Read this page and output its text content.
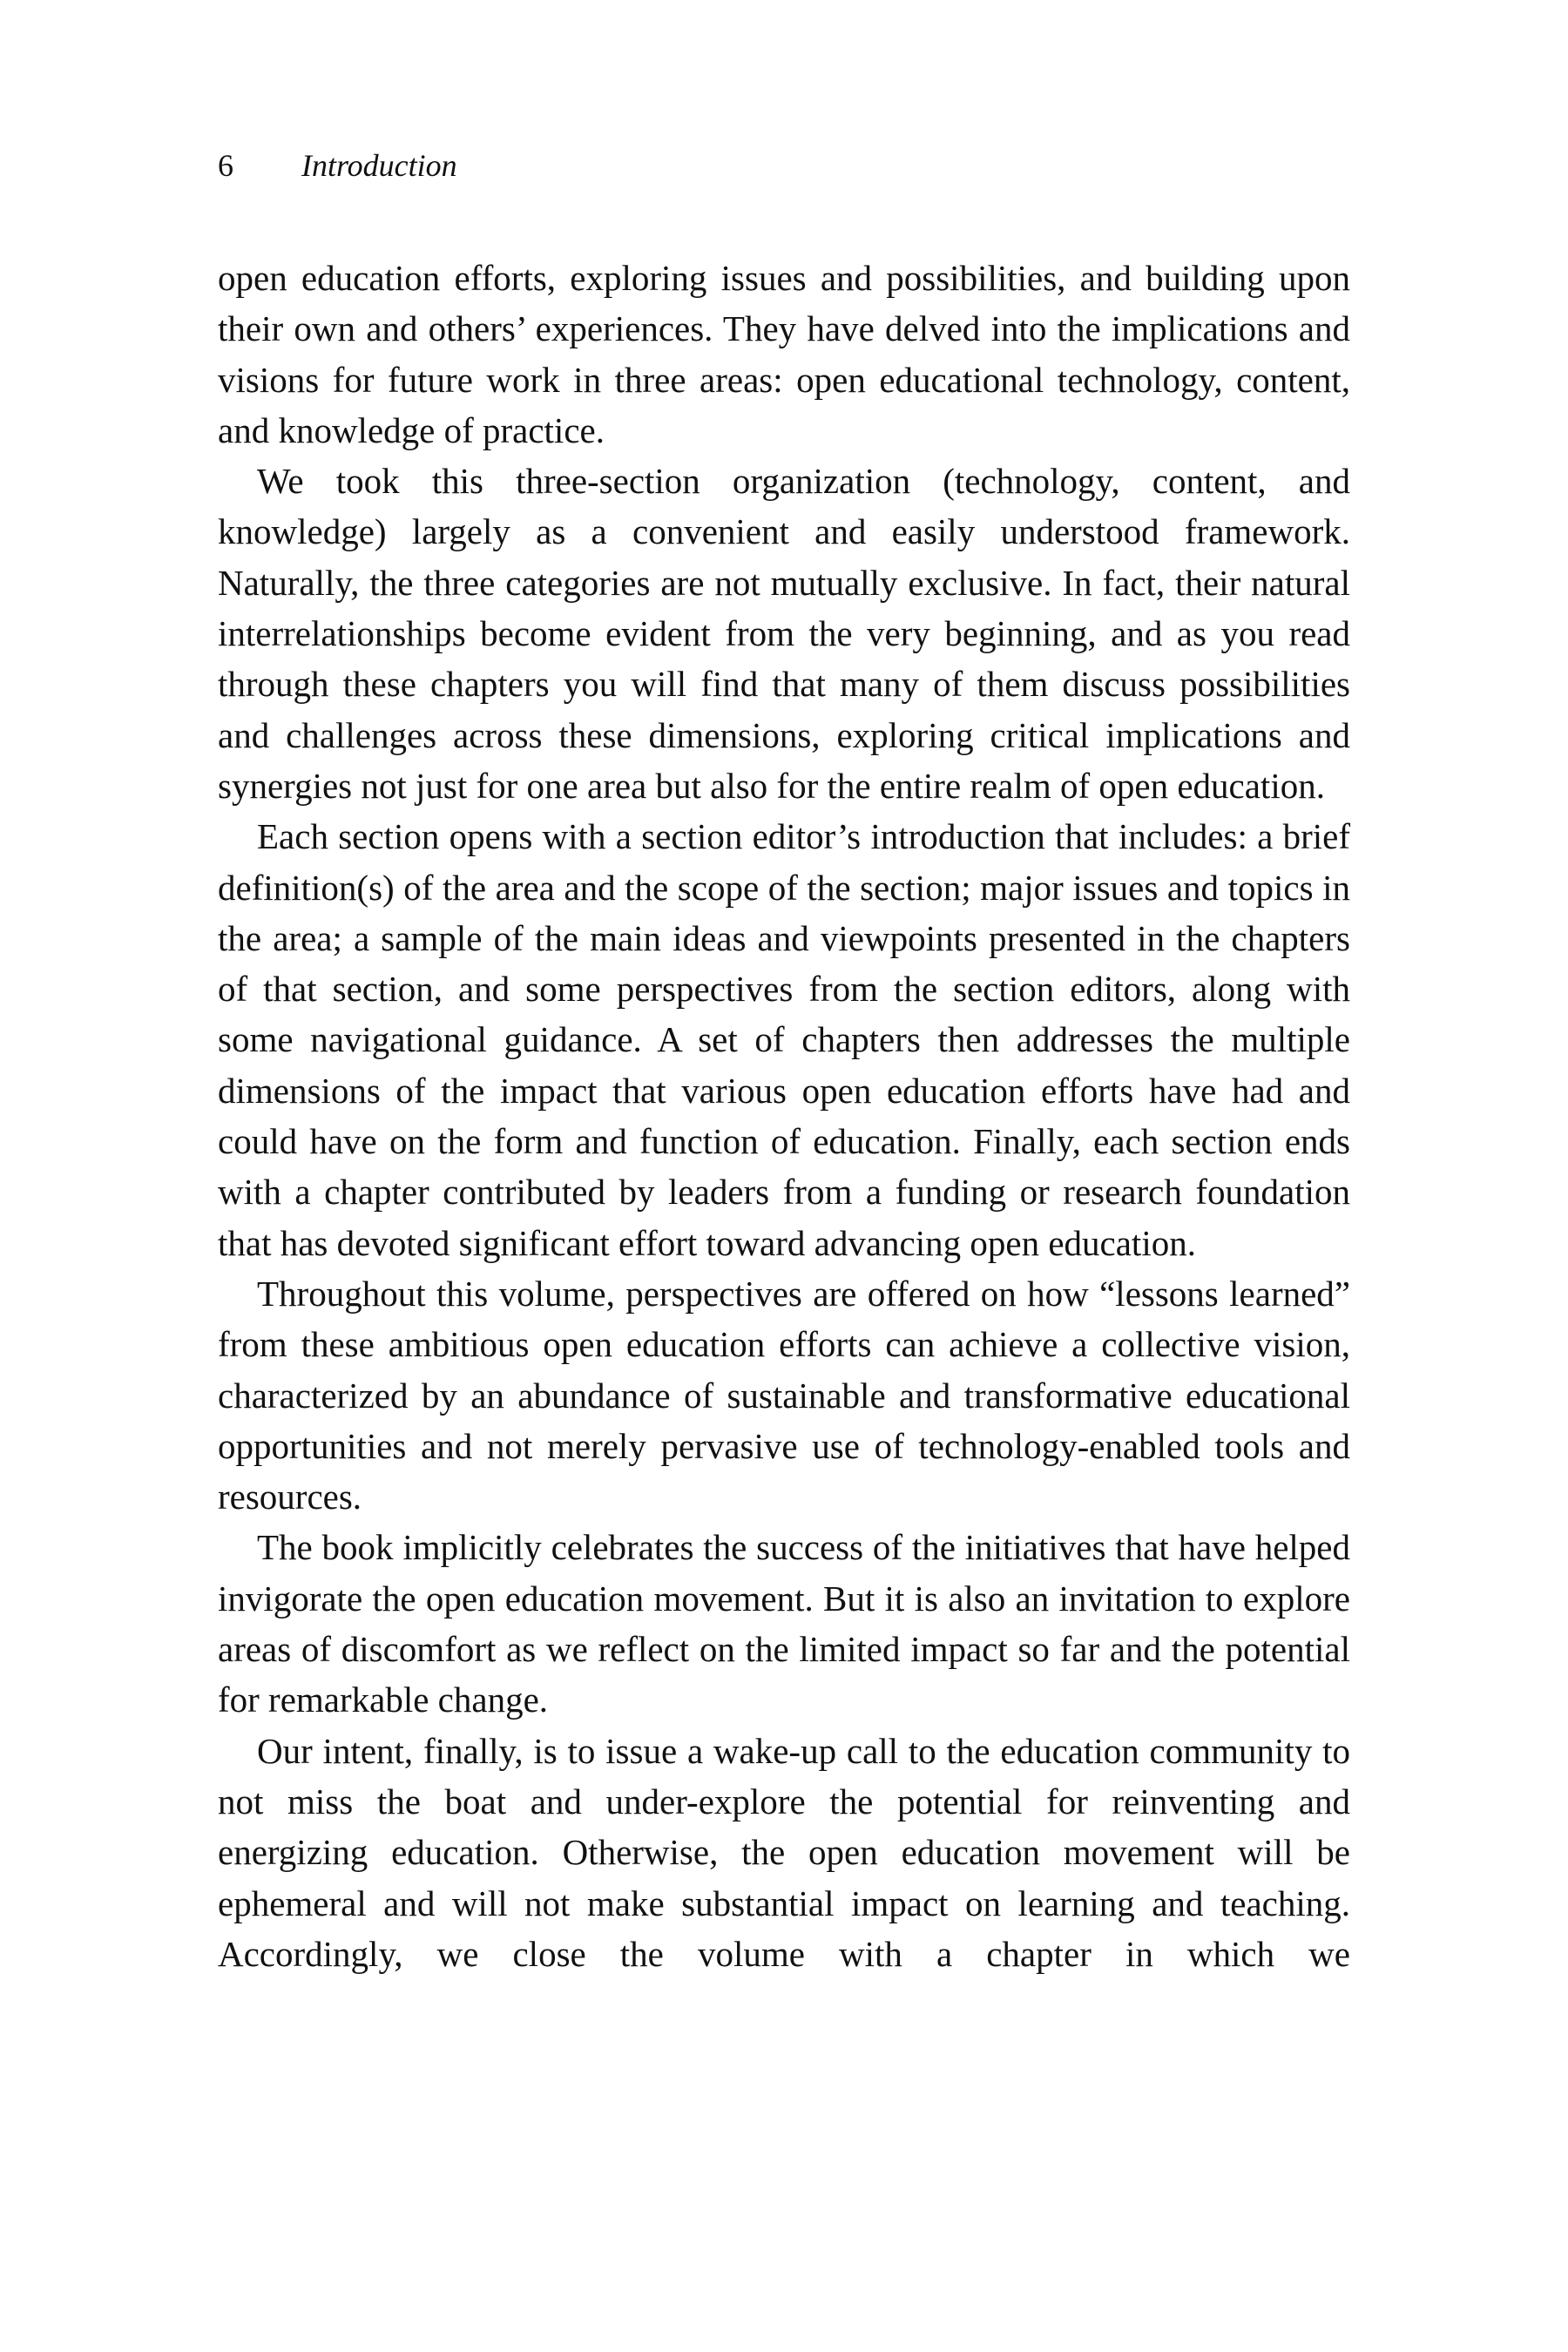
6 Introduction

open education efforts, exploring issues and possibilities, and building upon their own and others’ experiences. They have delved into the implications and visions for future work in three areas: open educational technology, content, and knowledge of practice.

We took this three-section organization (technology, content, and knowledge) largely as a convenient and easily understood framework. Naturally, the three categories are not mutually exclusive. In fact, their natural interrelationships become evident from the very beginning, and as you read through these chapters you will find that many of them discuss possibilities and challenges across these dimensions, exploring critical implications and synergies not just for one area but also for the entire realm of open education.

Each section opens with a section editor’s introduction that includes: a brief definition(s) of the area and the scope of the section; major issues and topics in the area; a sample of the main ideas and viewpoints presented in the chapters of that section, and some perspectives from the section editors, along with some navigational guidance. A set of chapters then addresses the multiple dimensions of the impact that various open education efforts have had and could have on the form and function of education. Finally, each section ends with a chapter contributed by leaders from a funding or research foundation that has devoted significant effort toward advancing open education.

Throughout this volume, perspectives are offered on how “lessons learned” from these ambitious open education efforts can achieve a collective vision, characterized by an abundance of sustainable and transformative educational opportunities and not merely pervasive use of technology-enabled tools and resources.

The book implicitly celebrates the success of the initiatives that have helped invigorate the open education movement. But it is also an invitation to explore areas of discomfort as we reflect on the limited impact so far and the potential for remarkable change.

Our intent, finally, is to issue a wake-up call to the education community to not miss the boat and under-explore the potential for reinventing and energizing education. Otherwise, the open education movement will be ephemeral and will not make substantial impact on learning and teaching. Accordingly, we close the volume with a chapter in which we
